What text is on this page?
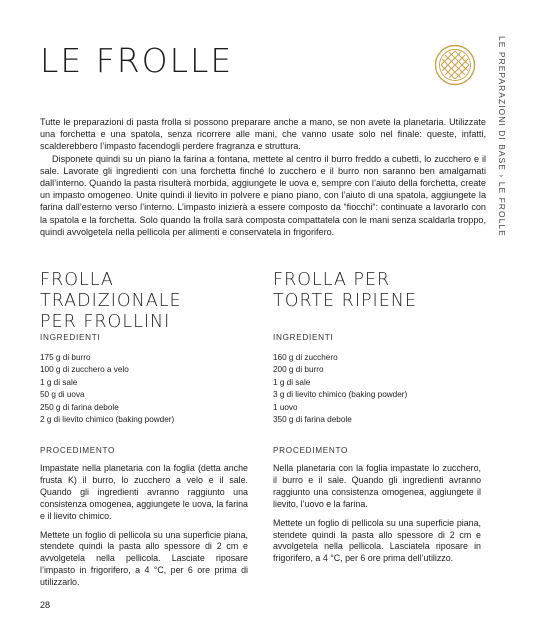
LE FROLLE	LE PREPARAZIONI DI BASE › LE FROLLE

Tutte le preparazioni di pasta frolla si possono preparare anche a mano, se non avete la planetaria. Utilizzate una forchetta e una spatola, senza ricorrere alle mani, che vanno usate solo nel finale: queste, infatti, scalderebbero l’impasto facendogli perdere fragranza e struttura.

Disponete quindi su un piano la farina a fontana, mettete al centro il burro freddo a cubetti, lo zucchero e il sale. Lavorate gli ingredienti con una forchetta finché lo zucchero e il burro non saranno ben amalgamati dall’interno. Quando la pasta risulterà morbida, aggiungete le uova e, sempre con l’aiuto della forchetta, create un impasto omogeneo. Unite quindi il lievito in polvere e piano piano, con l’aiuto di una spatola, aggiungete la farina dall’esterno verso l’interno. L’impasto inizierà a essere composto da “fiocchi”: continuate a lavorarlo con la spatola e la forchetta. Solo quando la frolla sarà composta compattatela con le mani senza scaldarla troppo, quindi avvolgetela nella pellicola per alimenti e conservatela in frigorifero.

FROLLA TRADIZIONALE
PER FROLLINI

INGREDIENTI

175 g di burro
100 g di zucchero a velo
1 g di sale
50 g di uova
250 g di farina debole
2 g di lievito chimico (baking powder)

PROCEDIMENTO

Impastate nella planetaria con la foglia (detta anche frusta K) il burro, lo zucchero a velo e il sale. Quando gli ingredienti avranno raggiunto una consistenza omogenea, aggiungete le uova, la farina e il lievito chimico.

Mettete un foglio di pellicola su una superficie piana, stendete quindi la pasta allo spessore di 2 cm e avvolgetela nella pellicola. Lasciate riposare l’impasto in frigorifero, a 4 °C, per 6 ore prima di utilizzarlo.

FROLLA PER
TORTE RIPIENE

INGREDIENTI

160 g di zucchero
200 g di burro
1 g di sale
3 g di lievito chimico (baking powder)
1 uovo
350 g di farina debole

PROCEDIMENTO

Nella planetaria con la foglia impastate lo zucchero, il burro e il sale. Quando gli ingredienti avranno raggiunto una consistenza omogenea, aggiungete il lievito, l’uovo e la farina.

Mettete un foglio di pellicola su una superficie piana, stendete quindi la pasta allo spessore di 2 cm e avvolgetela nella pellicola. Lasciatela riposare in frigorifero, a 4 °C, per 6 ore prima dell’utilizzo.

28
